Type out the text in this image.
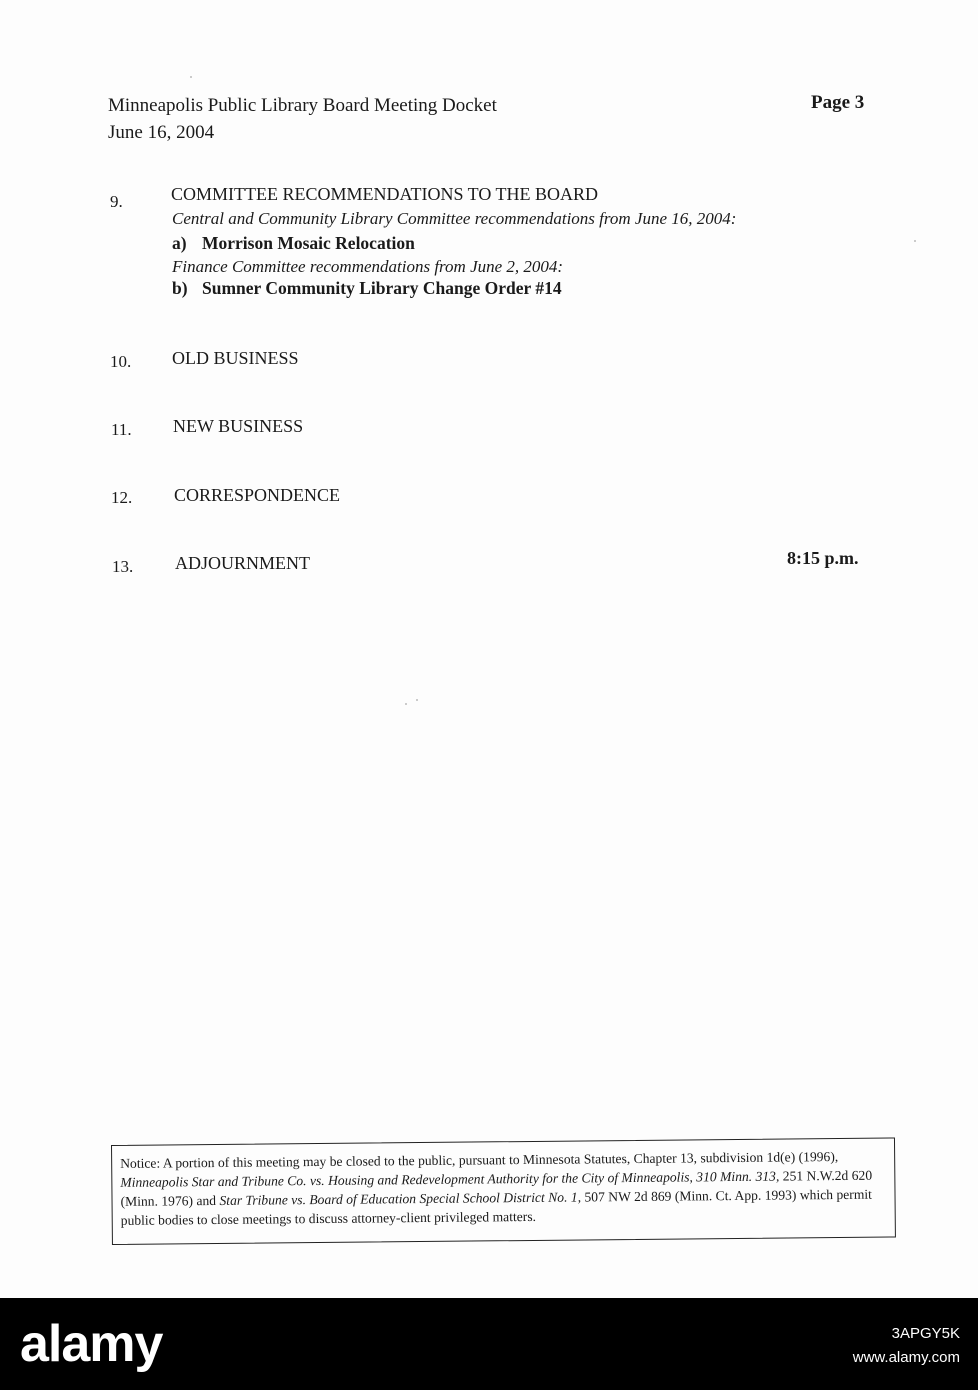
Minneapolis Public Library Board Meeting Docket
June 16, 2004
Page 3
9.	COMMITTEE RECOMMENDATIONS TO THE BOARD
Central and Community Library Committee recommendations from June 16, 2004:
a) Morrison Mosaic Relocation
Finance Committee recommendations from June 2, 2004:
b) Sumner Community Library Change Order #14
10. OLD BUSINESS
11. NEW BUSINESS
12. CORRESPONDENCE
13. ADJOURNMENT	8:15 p.m.
Notice: A portion of this meeting may be closed to the public, pursuant to Minnesota Statutes, Chapter 13, subdivision 1d(e) (1996), Minneapolis Star and Tribune Co. vs. Housing and Redevelopment Authority for the City of Minneapolis, 310 Minn. 313, 251 N.W.2d 620 (Minn. 1976) and Star Tribune vs. Board of Education Special School District No. 1, 507 NW 2d 869 (Minn. Ct. App. 1993) which permit public bodies to close meetings to discuss attorney-client privileged matters.
alamy	3APGY5K
www.alamy.com
